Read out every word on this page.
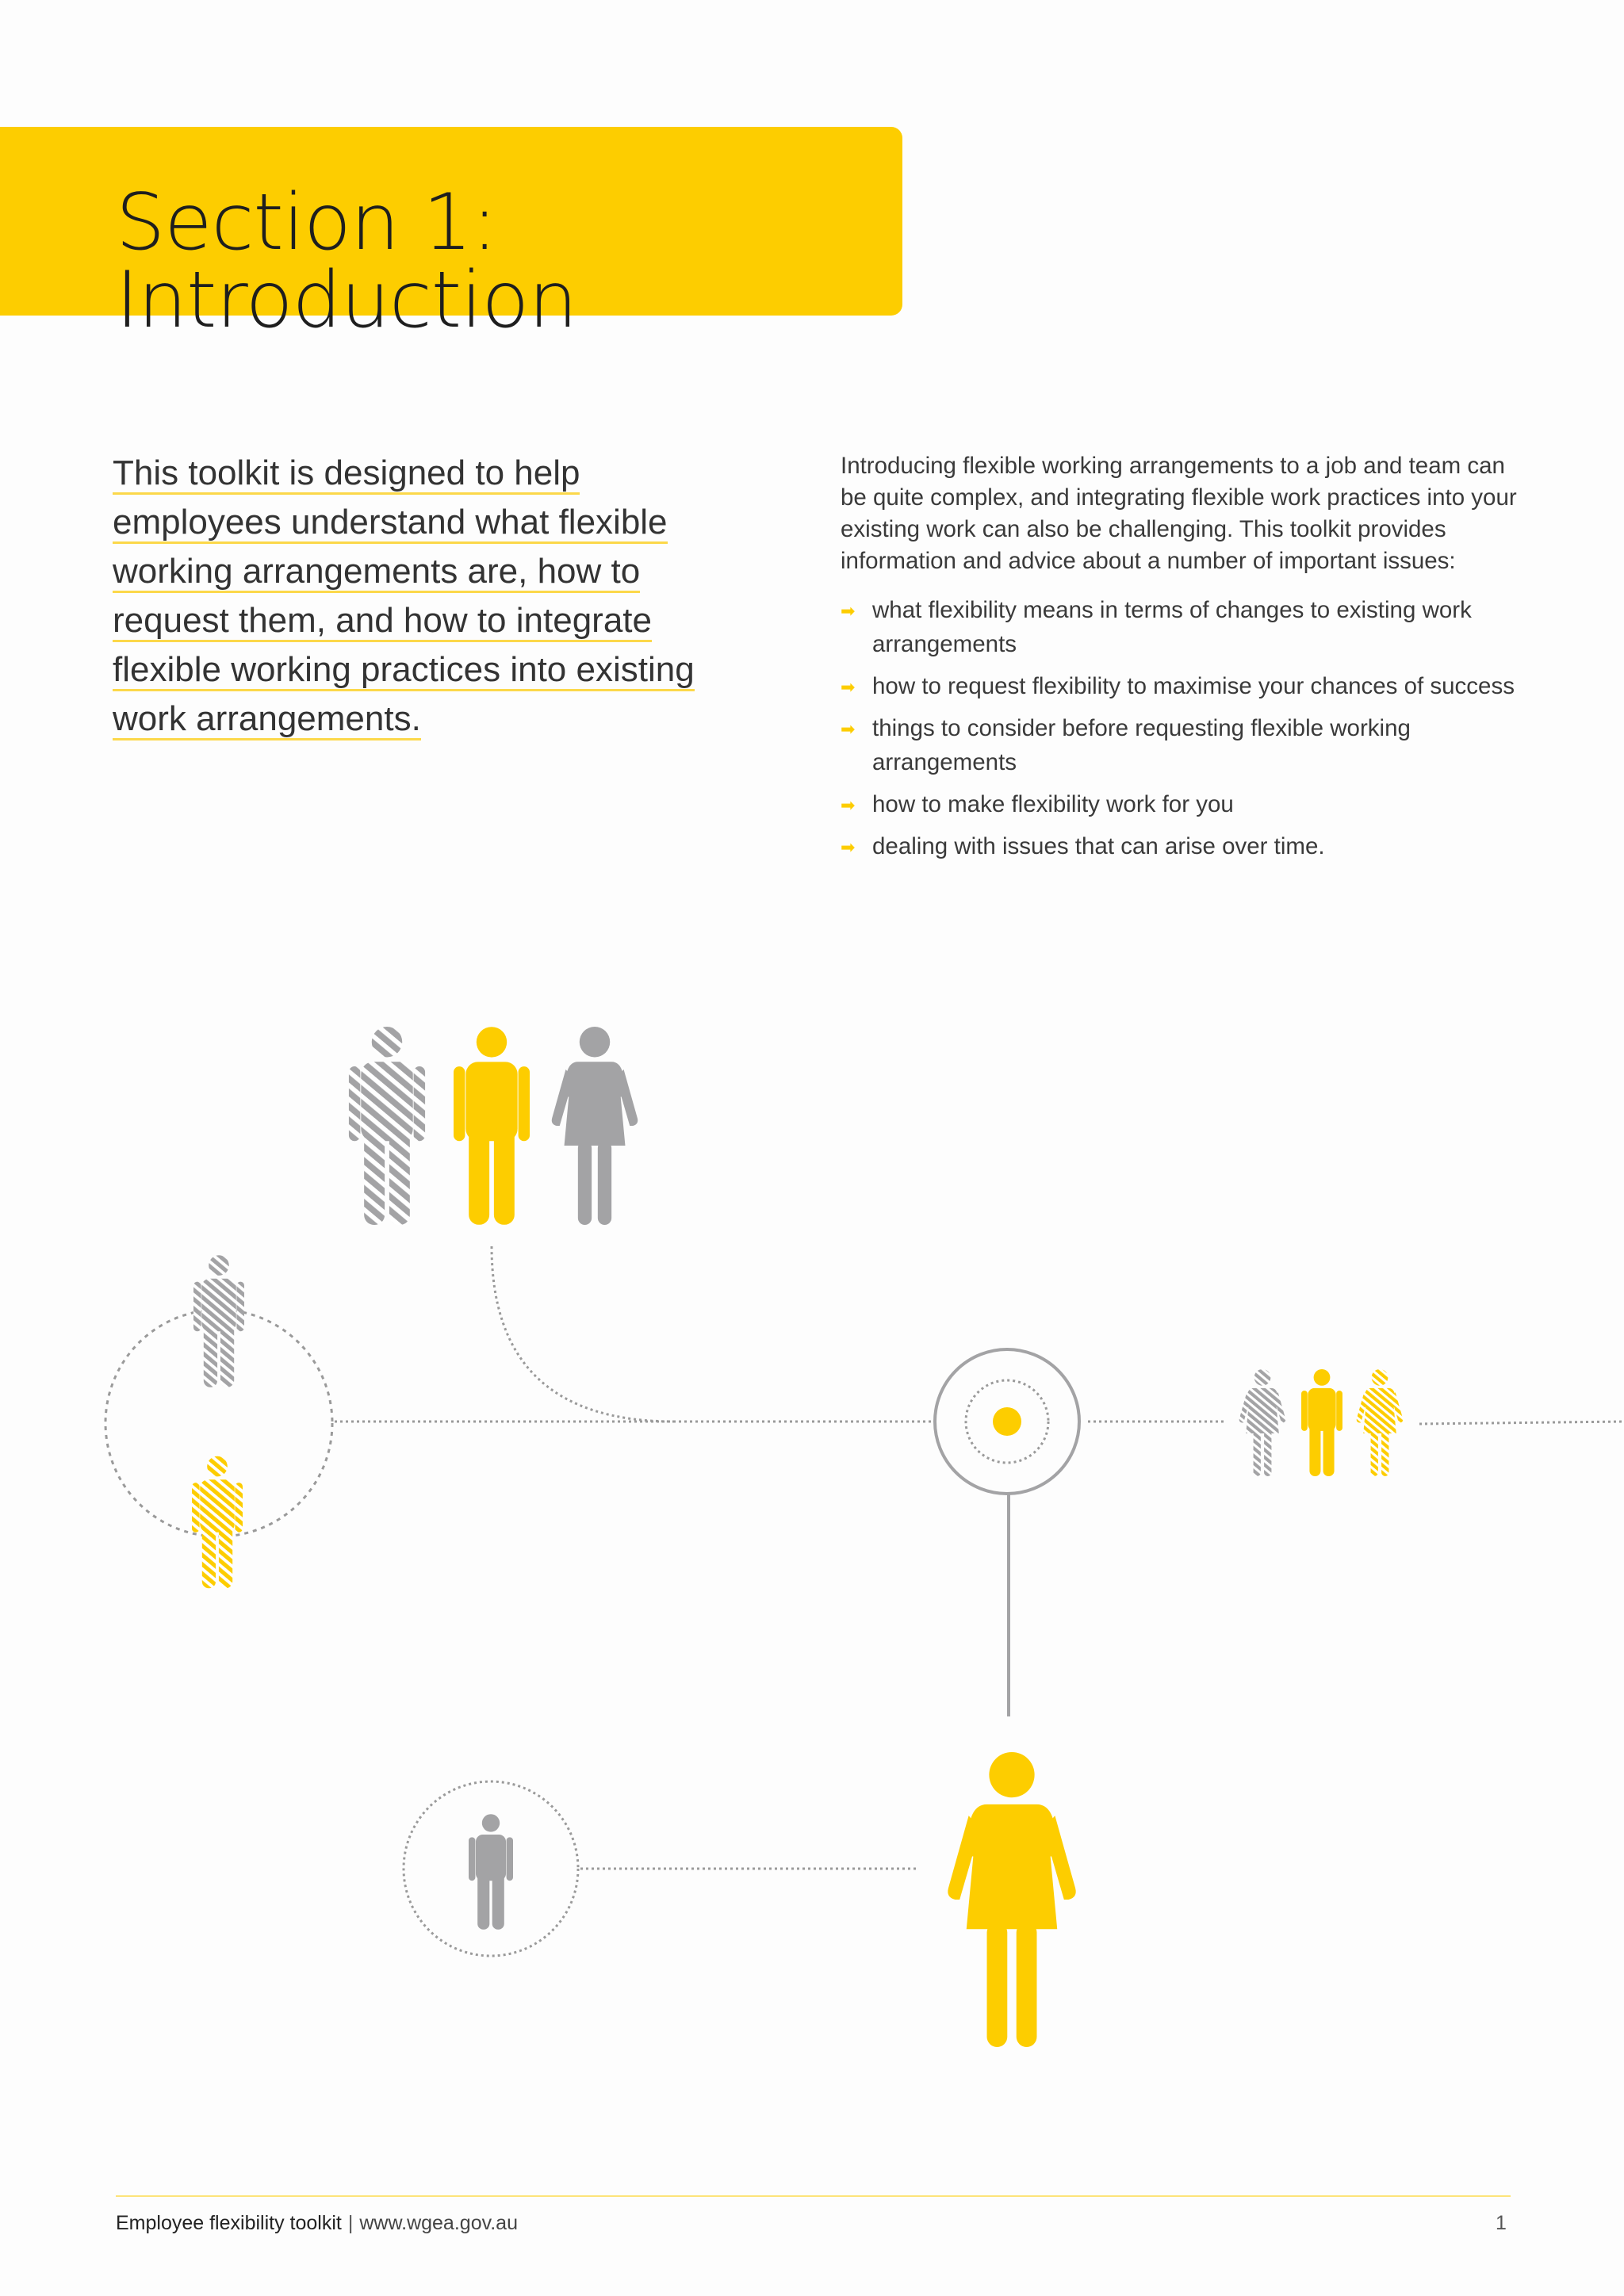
Section 1: Introduction
This toolkit is designed to help
employees understand what flexible
working arrangements are, how to
request them, and how to integrate
flexible working practices into existing
work arrangements.
Introducing flexible working arrangements to a job and team can be quite complex, and integrating flexible work practices into your existing work can also be challenging. This toolkit provides information and advice about a number of important issues:
➡ what flexibility means in terms of changes to existing work arrangements
➡ how to request flexibility to maximise your chances of success
➡ things to consider before requesting flexible working arrangements
➡ how to make flexibility work for you
➡ dealing with issues that can arise over time.
Employee flexibility toolkit | www.wgea.gov.au	1
